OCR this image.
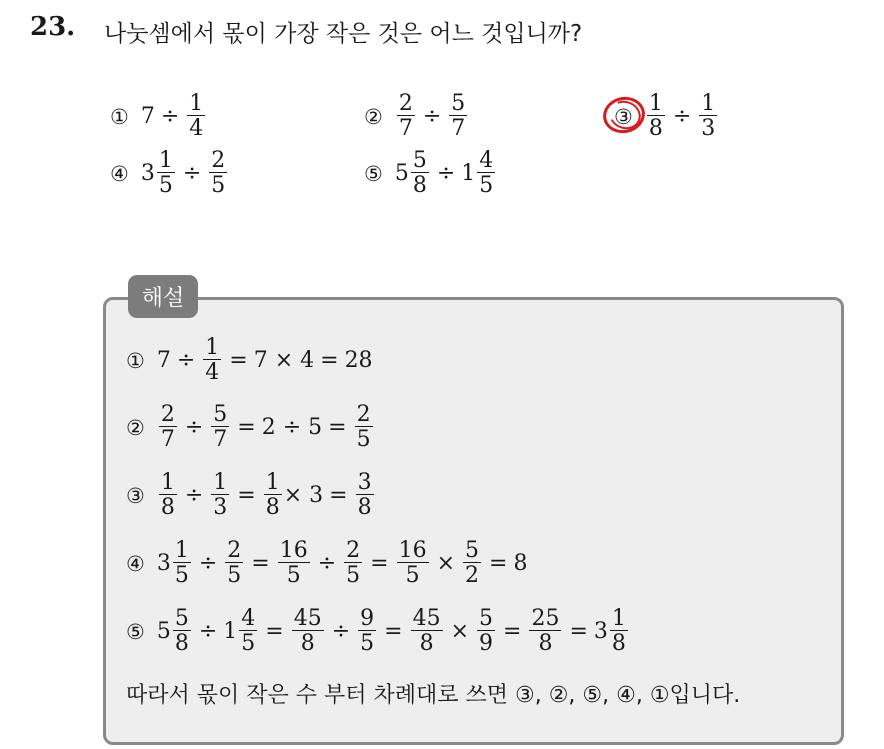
23. 나눗셈에서 몫이 가장 작은 것은 어느 것입니까?
① $7 \div \frac{1}{4}$	② $\frac{2}{7} \div \frac{5}{7}$	③ $\frac{1}{8} \div \frac{1}{3}$
④ $3 \frac{1}{5} \div \frac{2}{5}$	⑤ $5 \frac{5}{8} \div 1 \frac{4}{5}$
해설
① $7 \div \frac{1}{4} = 7 \times 4 = 28$
② $\frac{2}{7} \div \frac{5}{7} = 2 \div 5 = \frac{2}{5}$
③ $\frac{1}{8} \div \frac{1}{3} = \frac{1}{8} \times 3 = \frac{3}{8}$
④ $3 \frac{1}{5} \div \frac{2}{5} = \frac{16}{5} \div \frac{2}{5} = \frac{16}{5} \times \frac{5}{2} = 8$
⑤ $5 \frac{5}{8} \div 1 \frac{4}{5} = \frac{45}{8} \div \frac{9}{5} = \frac{45}{8} \times \frac{5}{9} = \frac{25}{8} = 3 \frac{1}{8}$
따라서 몫이 작은 수 부터 차례대로 쓰면 ③, ②, ⑤, ④, ①입니다.
